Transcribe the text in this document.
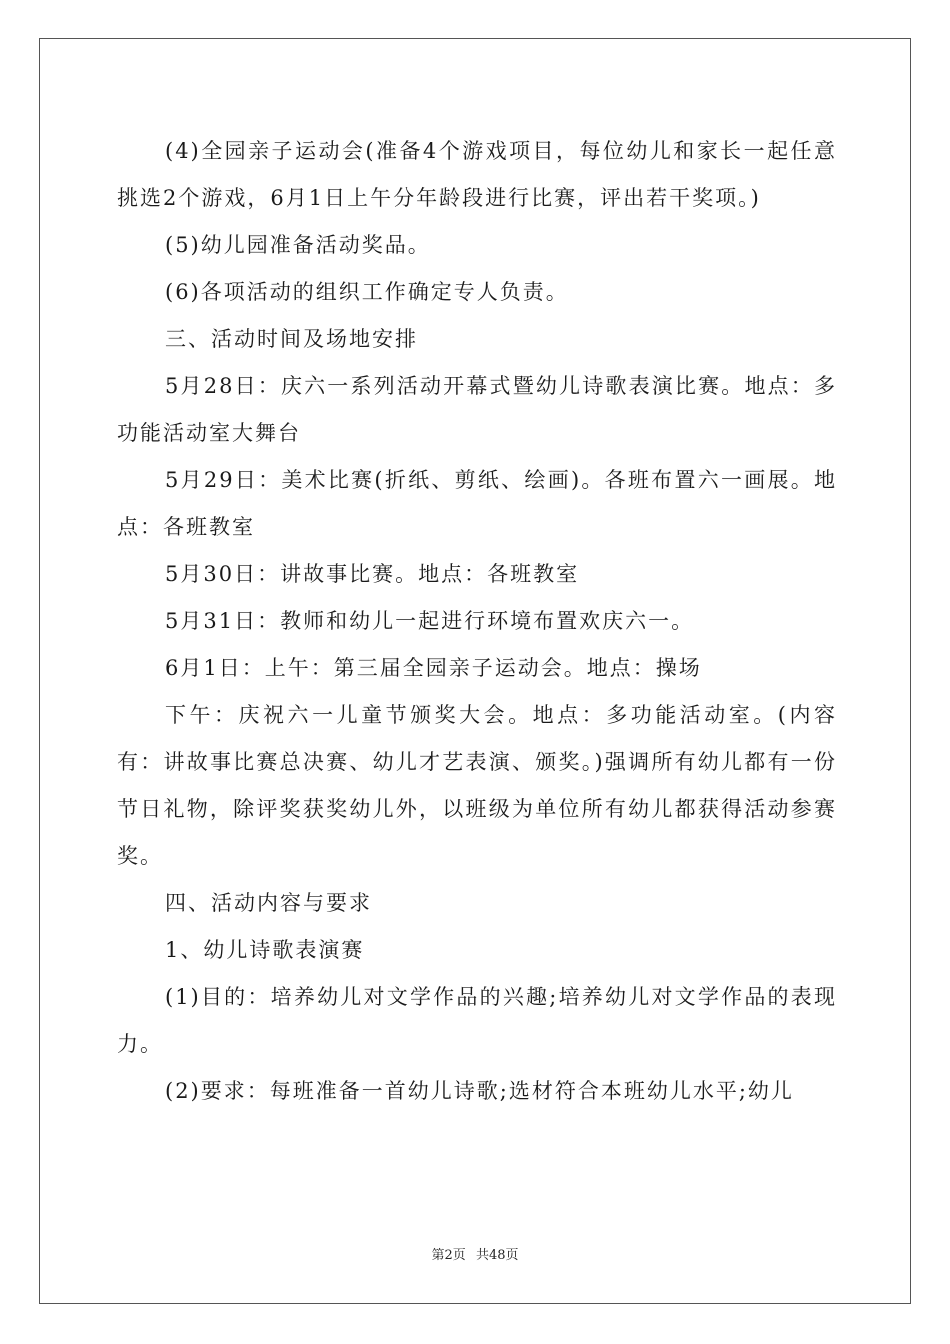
(4)全园亲子运动会(准备4个游戏项目，每位幼儿和家长一起任意挑选2个游戏，6月1日上午分年龄段进行比赛，评出若干奖项。)

(5)幼儿园准备活动奖品。

(6)各项活动的组织工作确定专人负责。

三、活动时间及场地安排

5月28日：庆六一系列活动开幕式暨幼儿诗歌表演比赛。地点：多功能活动室大舞台

5月29日：美术比赛(折纸、剪纸、绘画)。各班布置六一画展。地点：各班教室

5月30日：讲故事比赛。地点：各班教室

5月31日：教师和幼儿一起进行环境布置欢庆六一。

6月1日：上午：第三届全园亲子运动会。地点：操场

下午：庆祝六一儿童节颁奖大会。地点：多功能活动室。(内容有：讲故事比赛总决赛、幼儿才艺表演、颁奖。)强调所有幼儿都有一份节日礼物，除评奖获奖幼儿外，以班级为单位所有幼儿都获得活动参赛奖。

四、活动内容与要求

1、幼儿诗歌表演赛

(1)目的：培养幼儿对文学作品的兴趣;培养幼儿对文学作品的表现力。

(2)要求：每班准备一首幼儿诗歌;选材符合本班幼儿水平;幼儿

第2页 共48页
